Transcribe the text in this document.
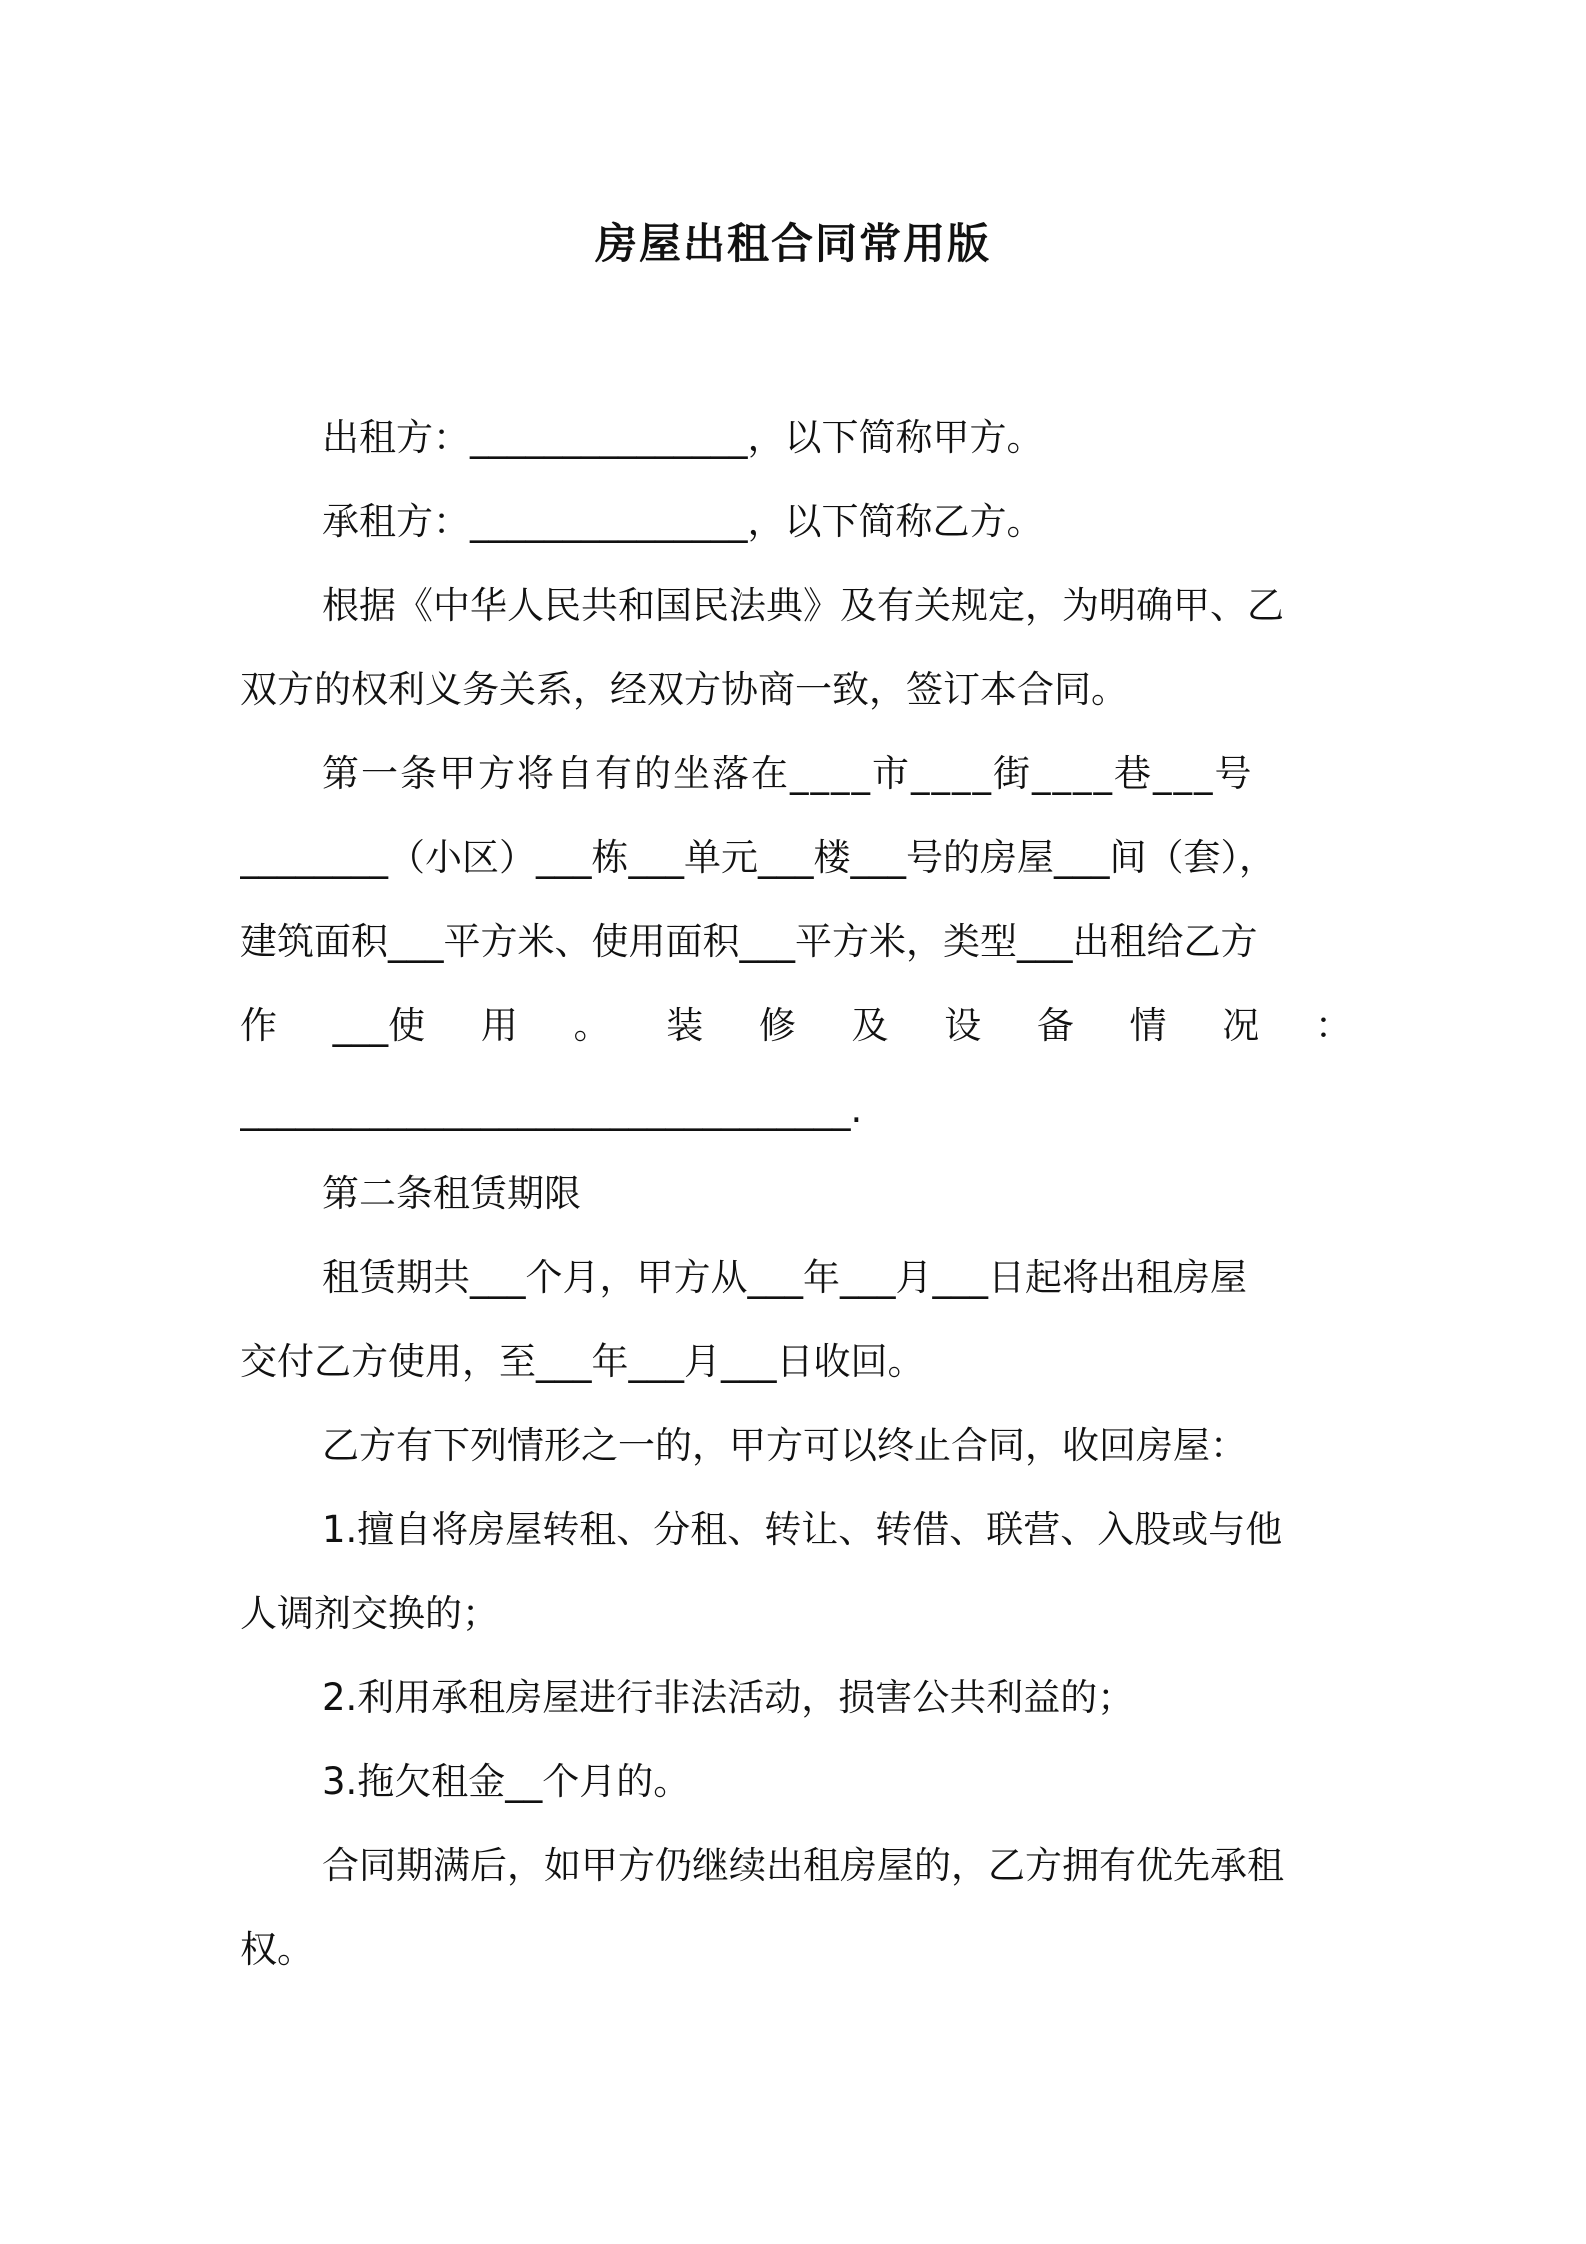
房屋出租合同常用版
出租方：_______________，以下简称甲方。
承租方：_______________，以下简称乙方。
根据《中华人民共和国民法典》及有关规定，为明确甲、乙
双方的权利义务关系，经双方协商一致，签订本合同。
第一条甲方将自有的坐落在____市____街____巷___号
________（小区）___栋___单元___楼___号的房屋___间（套），
建筑面积___平方米、使用面积___平方米，类型___出租给乙方
作 ___使 用 。 装 修 及 设 备 情 况 ：
_________________________________.
第二条租赁期限
租赁期共___个月，甲方从___年___月___日起将出租房屋
交付乙方使用，至___年___月___日收回。
乙方有下列情形之一的，甲方可以终止合同，收回房屋：
1.擅自将房屋转租、分租、转让、转借、联营、入股或与他
人调剂交换的；
2.利用承租房屋进行非法活动，损害公共利益的；
3.拖欠租金__个月的。
合同期满后，如甲方仍继续出租房屋的，乙方拥有优先承租
权。
